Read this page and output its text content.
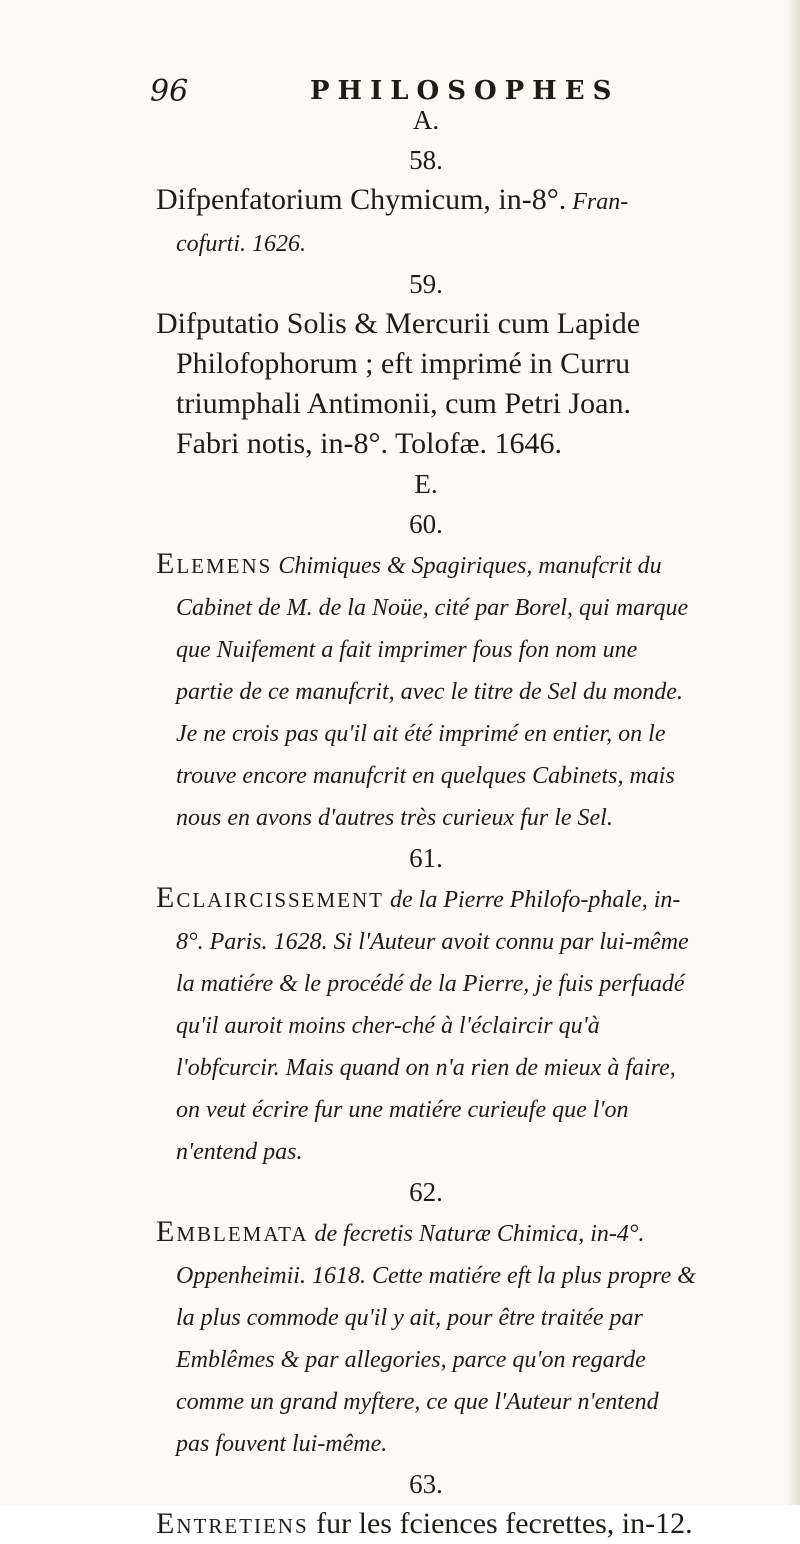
96	PHILOSOPHES
A.
58.

Difpenfatorium Chymicum, in-8°. Fran-cofurti. 1626.

59.

Difputatio Solis & Mercurii cum Lapide Philofophorum ; eft imprimé in Curru triumphali Antimonii, cum Petri Joan. Fabri notis, in-8°. Tolofæ. 1646.

E.
60.

Elemens Chimiques & Spagiriques, manufcrit du Cabinet de M. de la Noüe, cité par Borel, qui marque que Nuifement a fait imprimer fous fon nom une partie de ce manufcrit, avec le titre de Sel du monde. Je ne crois pas qu'il ait été imprimé en entier, on le trouve encore manufcrit en quelques Cabinets, mais nous en avons d'autres très curieux fur le Sel.

61.

Eclaircissement de la Pierre Philofo-phale, in-8°. Paris. 1628. Si l'Auteur avoit connu par lui-même la matiére & le procédé de la Pierre, je fuis perfuadé qu'il auroit moins cher-ché à l'éclaircir qu'à l'obfcurcir. Mais quand on n'a rien de mieux à faire, on veut écrire fur une matiére curieufe que l'on n'entend pas.

62.

Emblemata de fecretis Naturæ Chimica, in-4°. Oppenheimii. 1618. Cette matiére eft la plus propre & la plus commode qu'il y ait, pour être traitée par Emblêmes & par allegories, parce qu'on regarde comme un grand myftere, ce que l'Auteur n'entend pas fouvent lui-même.

63.

Entretiens fur les fciences fecrettes, in-12.
